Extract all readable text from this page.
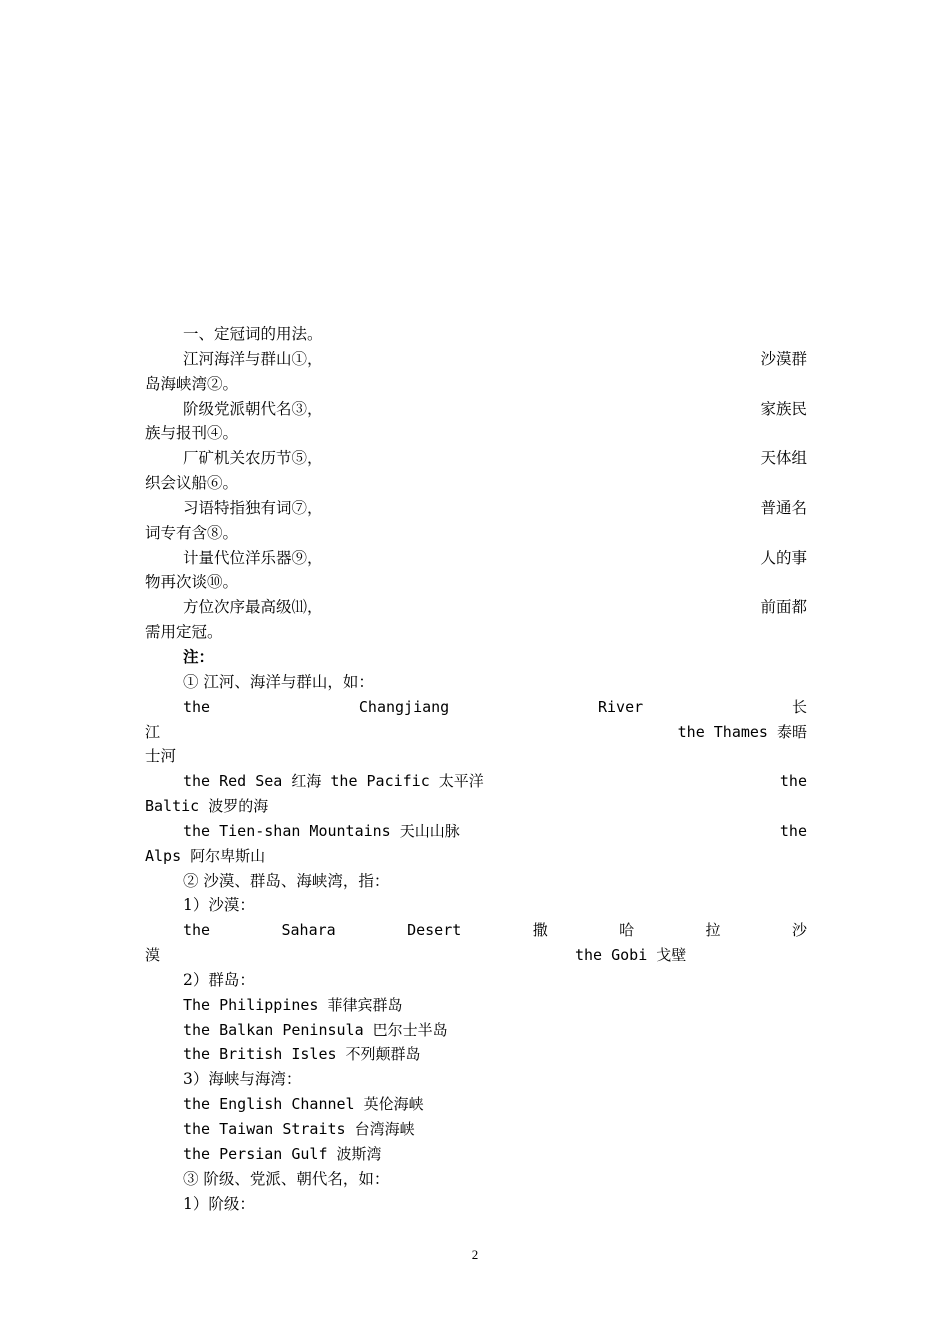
一、定冠词的用法。
江河海洋与群山①，	沙漠群
岛海峡湾②。
阶级党派朝代名③，	家族民
族与报刊④。
厂矿机关农历节⑤，	天体组
织会议船⑥。
习语特指独有词⑦，	普通名
词专有含⑧。
计量代位洋乐器⑨，	人的事
物再次谈⑩。
方位次序最高级⑾，	前面都
需用定冠。
注：
① 江河、海洋与群山，如：
the	Changjiang	River	长
江	the Thames 泰晤
士河
the Red Sea 红海 the Pacific 太平洋	the
Baltic 波罗的海
the Tien-shan Mountains 天山山脉	the
Alps 阿尔卑斯山
② 沙漠、群岛、海峡湾，指：
1）沙漠：
the	Sahara	Desert	撒	哈	拉	沙
漠	the Gobi 戈壁
2）群岛：
The Philippines 菲律宾群岛
the Balkan Peninsula 巴尔士半岛
the British Isles 不列颠群岛
3）海峡与海湾：
the English Channel 英伦海峡
the Taiwan Straits 台湾海峡
the Persian Gulf 波斯湾
③ 阶级、党派、朝代名，如：
1）阶级：
2
